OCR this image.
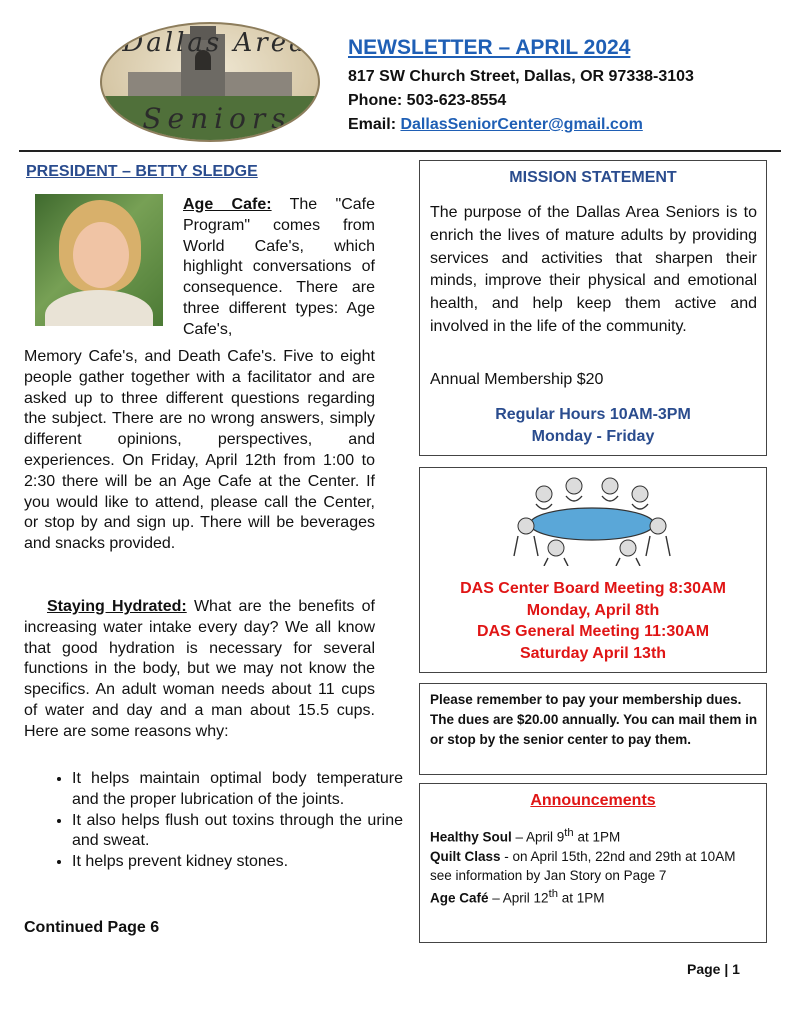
Dallas Area
Seniors
NEWSLETTER – APRIL 2024
817 SW Church Street, Dallas, OR 97338-3103
Phone: 503-623-8554
Email: DallasSeniorCenter@gmail.com
PRESIDENT – BETTY SLEDGE
Age Cafe: The "Cafe Program" comes from World Cafe's, which highlight conversations of consequence. There are three different types: Age Cafe's,
Memory Cafe's, and Death Cafe's. Five to eight people gather together with a facilitator and are asked up to three different questions regarding the subject. There are no wrong answers, simply different opinions, perspectives, and experiences. On Friday, April 12th from 1:00 to 2:30 there will be an Age Cafe at the Center. If you would like to attend, please call the Center, or stop by and sign up. There will be beverages and snacks provided.
Staying Hydrated: What are the benefits of increasing water intake every day? We all know that good hydration is necessary for several functions in the body, but we may not know the specifics. An adult woman needs about 11 cups of water and day and a man about 15.5 cups. Here are some reasons why:
• It helps maintain optimal body temperature and the proper lubrication of the joints.
• It also helps flush out toxins through the urine and sweat.
• It helps prevent kidney stones.
Continued Page 6
MISSION STATEMENT
The purpose of the Dallas Area Seniors is to enrich the lives of mature adults by providing services and activities that sharpen their minds, improve their physical and emotional health, and help keep them active and involved in the life of the community.
Annual Membership $20
Regular Hours 10AM-3PM
Monday - Friday
DAS Center Board Meeting 8:30AM
Monday, April 8th
DAS General Meeting 11:30AM
Saturday April 13th
Please remember to pay your membership dues. The dues are $20.00 annually. You can mail them in or stop by the senior center to pay them.
Announcements
Healthy Soul – April 9th at 1PM
Quilt Class - on April 15th, 22nd and 29th at 10AM see information by Jan Story on Page 7
Age Café – April 12th at 1PM
Page | 1
